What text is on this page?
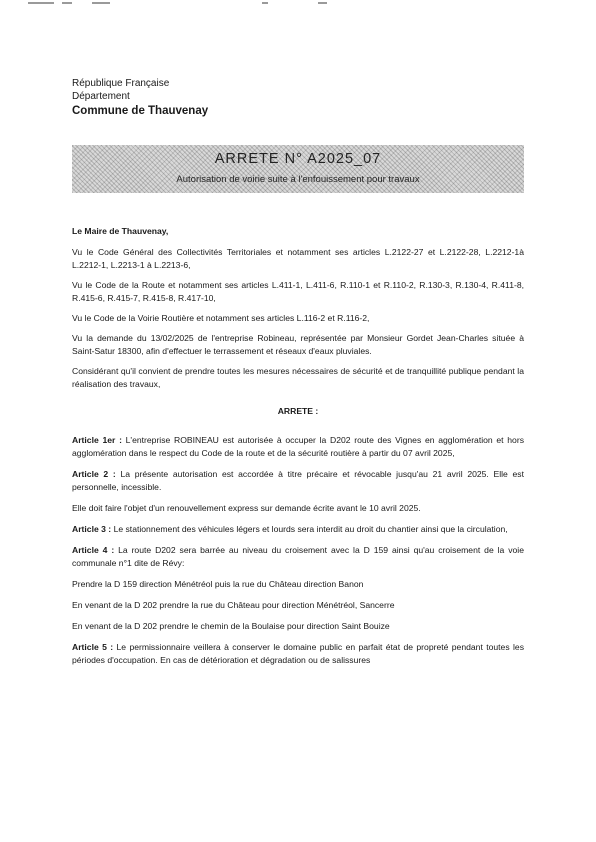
République Française
Département
Commune de Thauvenay
ARRETE N° A2025_07
Autorisation de voirie suite à l'enfouissement pour travaux

Le Maire de Thauvenay,

Vu le Code Général des Collectivités Territoriales et notamment ses articles L.2122-27 et L.2122-28, L.2212-1à L.2212-1, L.2213-1 à L.2213-6,

Vu le Code de la Route et notamment ses articles L.411-1, L.411-6, R.110-1 et R.110-2, R.130-3, R.130-4, R.411-8, R.415-6, R.415-7, R.415-8, R.417-10,

Vu le Code de la Voirie Routière et notamment ses articles L.116-2 et R.116-2,

Vu la demande du 13/02/2025 de l'entreprise Robineau, représentée par Monsieur Gordet Jean-Charles située à Saint-Satur 18300, afin d'effectuer le terrassement et réseaux d'eaux pluviales.

Considérant qu'il convient de prendre toutes les mesures nécessaires de sécurité et de tranquillité publique pendant la réalisation des travaux,

ARRETE :

Article 1er : L'entreprise ROBINEAU est autorisée à occuper la D202 route des Vignes en agglomération et hors agglomération dans le respect du Code de la route et de la sécurité routière à partir du 07 avril 2025,

Article 2 : La présente autorisation est accordée à titre précaire et révocable jusqu'au 21 avril 2025. Elle est personnelle, incessible.

Elle doit faire l'objet d'un renouvellement express sur demande écrite avant le 10 avril 2025.

Article 3 : Le stationnement des véhicules légers et lourds sera interdit au droit du chantier ainsi que la circulation,

Article 4 : La route D202 sera barrée au niveau du croisement avec la D 159 ainsi qu'au croisement de la voie communale n°1 dite de Révy:

Prendre la D 159 direction Ménétréol puis la rue du Château direction Banon

En venant de la D 202 prendre la rue du Château pour direction Ménétréol, Sancerre

En venant de la D 202 prendre le chemin de la Boulaise pour direction Saint Bouize

Article 5 : Le permissionnaire veillera à conserver le domaine public en parfait état de propreté pendant toutes les périodes d'occupation. En cas de détérioration et dégradation ou de salissures
